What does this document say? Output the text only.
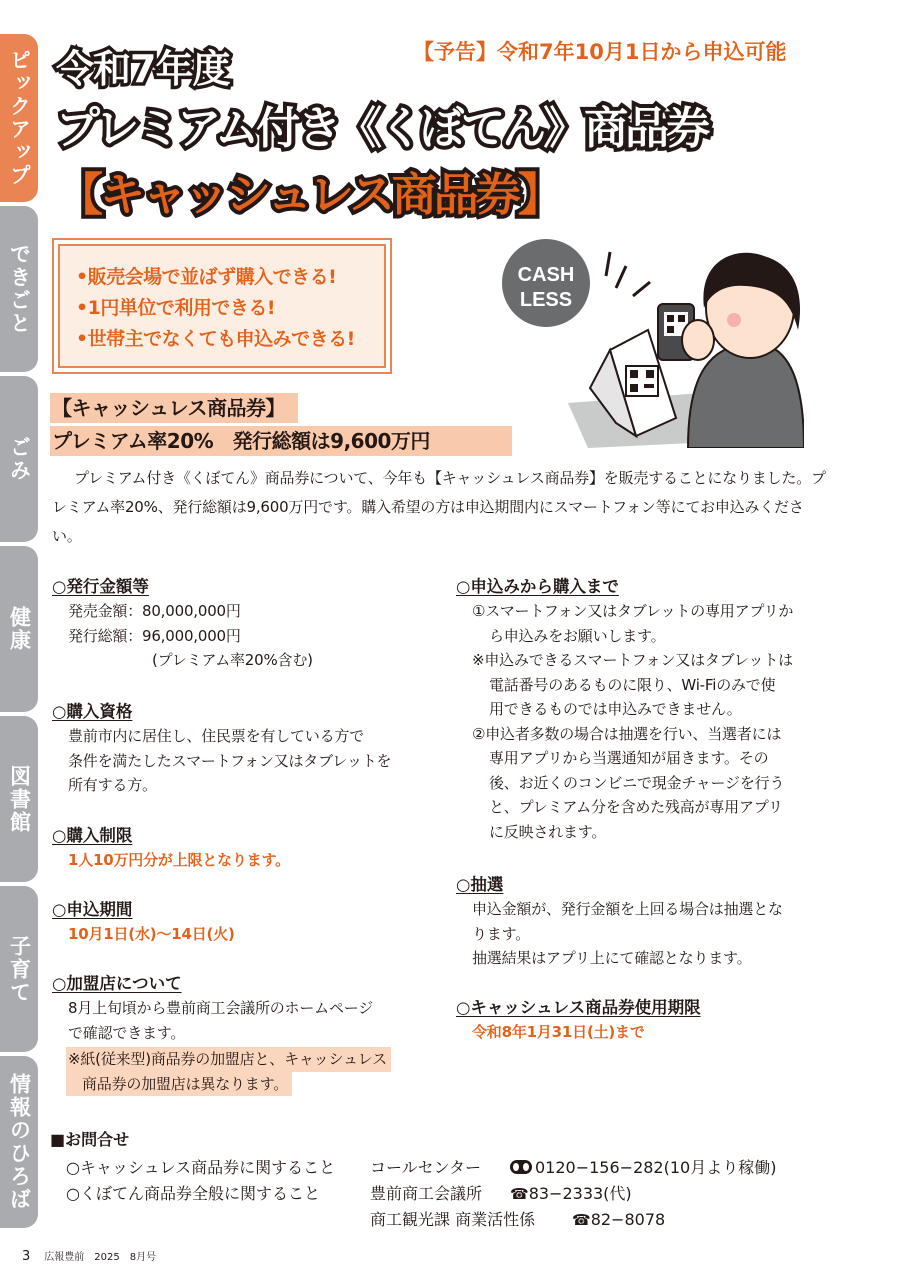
ピックアップ
できごと
ごみ
健康
図書館
子育て
情報のひろば
【予告】令和7年10月1日から申込可能
令和7年度
プレミアム付き《くぼてん》商品券
【キャッシュレス商品券】
•販売会場で並ばず購入できる!
•1円単位で利用できる!
•世帯主でなくても申込みできる!
CASH
LESS
【キャッシュレス商品券】
プレミアム率20%　発行総額は9,600万円

プレミアム付き《くぼてん》商品券について、今年も【キャッシュレス商品券】を販売することになりました。プレミアム率20%、発行総額は9,600万円です。購入希望の方は申込期間内にスマートフォン等にてお申込みください。

○発行金額等
発売金額：80,000,000円
発行総額：96,000,000円
(プレミアム率20%含む)
○購入資格
豊前市内に居住し、住民票を有している方で
条件を満たしたスマートフォン又はタブレットを
所有する方。
○購入制限
1人10万円分が上限となります。
○申込期間
10月1日(水)～14日(火)
○加盟店について
8月上旬頃から豊前商工会議所のホームページ
で確認できます。
※紙(従来型)商品券の加盟店と、キャッシュレス
商品券の加盟店は異なります。
○申込みから購入まで
①スマートフォン又はタブレットの専用アプリか
ら申込みをお願いします。
※申込みできるスマートフォン又はタブレットは
電話番号のあるものに限り、Wi-Fiのみで使
用できるものでは申込みできません。
②申込者多数の場合は抽選を行い、当選者には
専用アプリから当選通知が届きます。その
後、お近くのコンビニで現金チャージを行う
と、プレミアム分を含めた残高が専用アプリ
に反映されます。
○抽選
申込金額が、発行金額を上回る場合は抽選とな
ります。
抽選結果はアプリ上にて確認となります。
○キャッシュレス商品券使用期限
令和8年1月31日(土)まで
■お問合せ
○キャッシュレス商品券に関すること コールセンター	0120−156−282(10月より稼働)
○くぼてん商品券全般に関すること	豊前商工会議所 ☎83−2333(代)
商工観光課 商業活性係 ☎82−8078
3 広報豊前　2025　8月号
